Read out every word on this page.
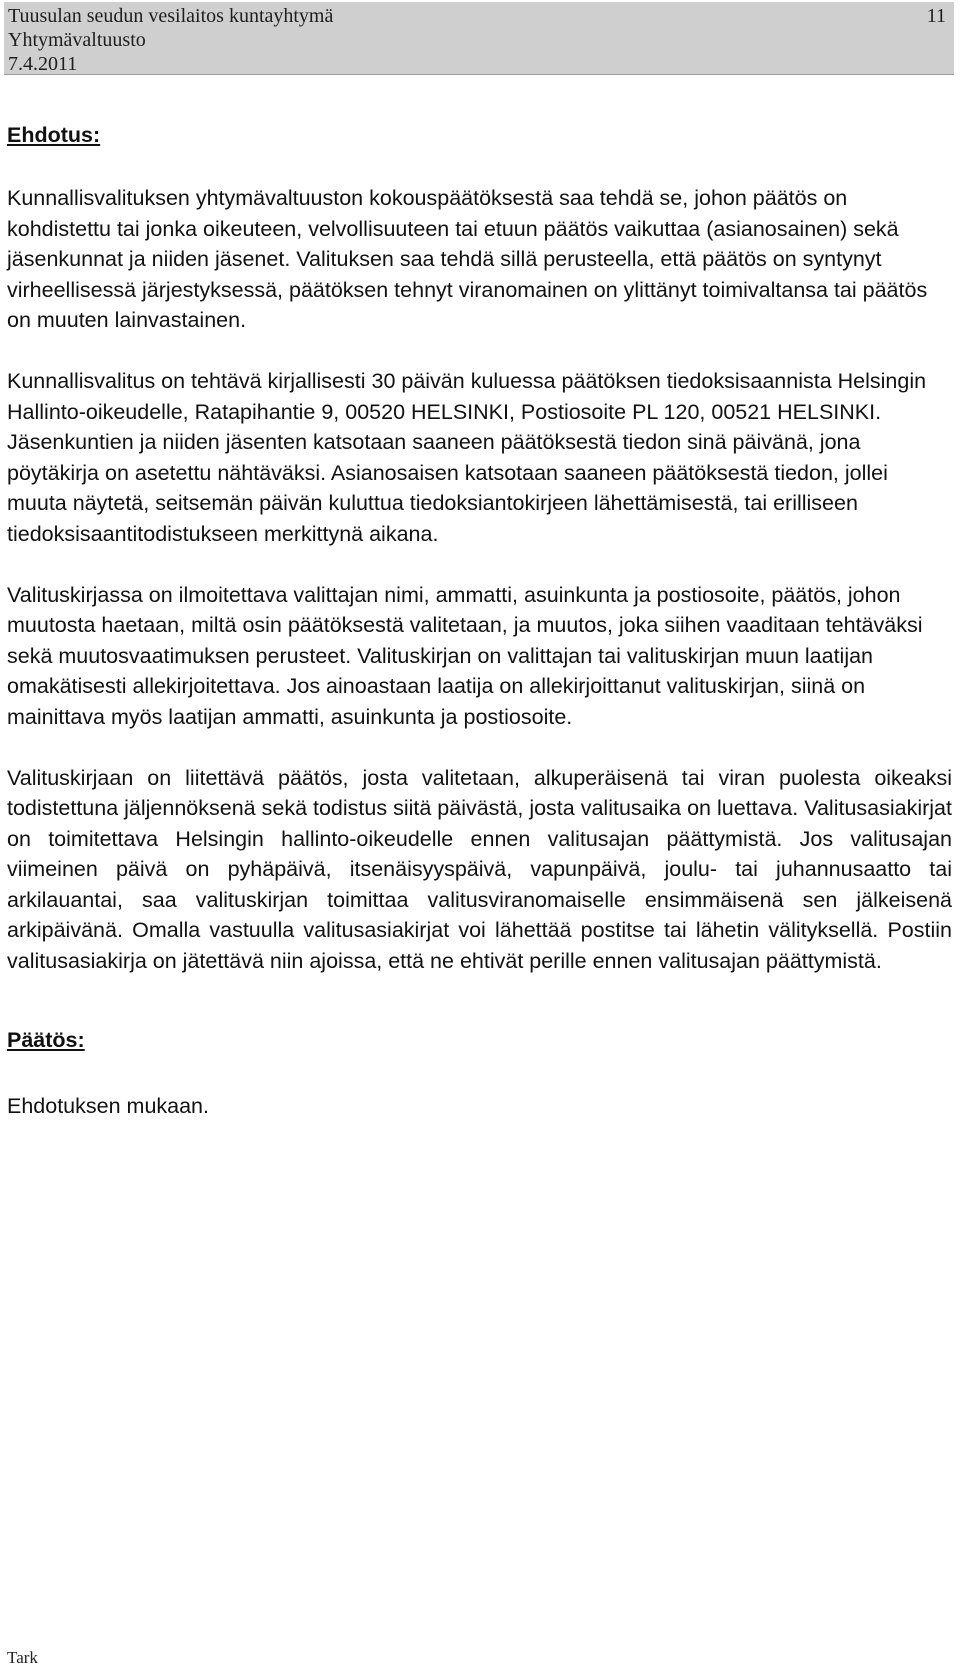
Tuusulan seudun vesilaitos kuntayhtymä
Yhtymävaltuusto
7.4.2011
11
Ehdotus:

Kunnallisvalituksen yhtymävaltuuston kokouspäätöksestä saa tehdä se, johon päätös on kohdistettu tai jonka oikeuteen, velvollisuuteen tai etuun päätös vaikuttaa (asianosainen) sekä jäsenkunnat ja niiden jäsenet. Valituksen saa tehdä sillä perusteella, että päätös on syntynyt virheellisessä järjestyksessä, päätöksen tehnyt viranomainen on ylittänyt toimivaltansa tai päätös on muuten lainvastainen.

Kunnallisvalitus on tehtävä kirjallisesti 30 päivän kuluessa päätöksen tiedoksisaannista Helsingin Hallinto-oikeudelle, Ratapihantie 9, 00520 HELSINKI, Postiosoite PL 120, 00521 HELSINKI. Jäsenkuntien ja niiden jäsenten katsotaan saaneen päätöksestä tiedon sinä päivänä, jona pöytäkirja on asetettu nähtäväksi. Asianosaisen katsotaan saaneen päätöksestä tiedon, jollei muuta näytetä, seitsemän päivän kuluttua tiedoksiantokirjeen lähettämisestä, tai erilliseen tiedoksisaantitodistukseen merkittynä aikana.

Valituskirjassa on ilmoitettava valittajan nimi, ammatti, asuinkunta ja postiosoite, päätös, johon muutosta haetaan, miltä osin päätöksestä valitetaan, ja muutos, joka siihen vaaditaan tehtäväksi sekä muutosvaatimuksen perusteet. Valituskirjan on valittajan tai valituskirjan muun laatijan omakätisesti allekirjoitettava. Jos ainoastaan laatija on allekirjoittanut valituskirjan, siinä on mainittava myös laatijan ammatti, asuinkunta ja postiosoite.

Valituskirjaan on liitettävä päätös, josta valitetaan, alkuperäisenä tai viran puolesta oikeaksi todistettuna jäljennöksenä sekä todistus siitä päivästä, josta valitusaika on luettava. Valitusasiakirjat on toimitettava Helsingin hallinto-oikeudelle ennen valitusajan päättymistä. Jos valitusajan viimeinen päivä on pyhäpäivä, itsenäisyyspäivä, vapunpäivä, joulu- tai juhannusaatto tai arkilauantai, saa valituskirjan toimittaa valitusviranomaiselle ensimmäisenä sen jälkeisenä arkipäivänä. Omalla vastuulla valitusasiakirjat voi lähettää postitse tai lähetin välityksellä. Postiin valitusasiakirja on jätettävä niin ajoissa, että ne ehtivät perille ennen valitusajan päättymistä.

Päätös:

Ehdotuksen mukaan.

Tark
